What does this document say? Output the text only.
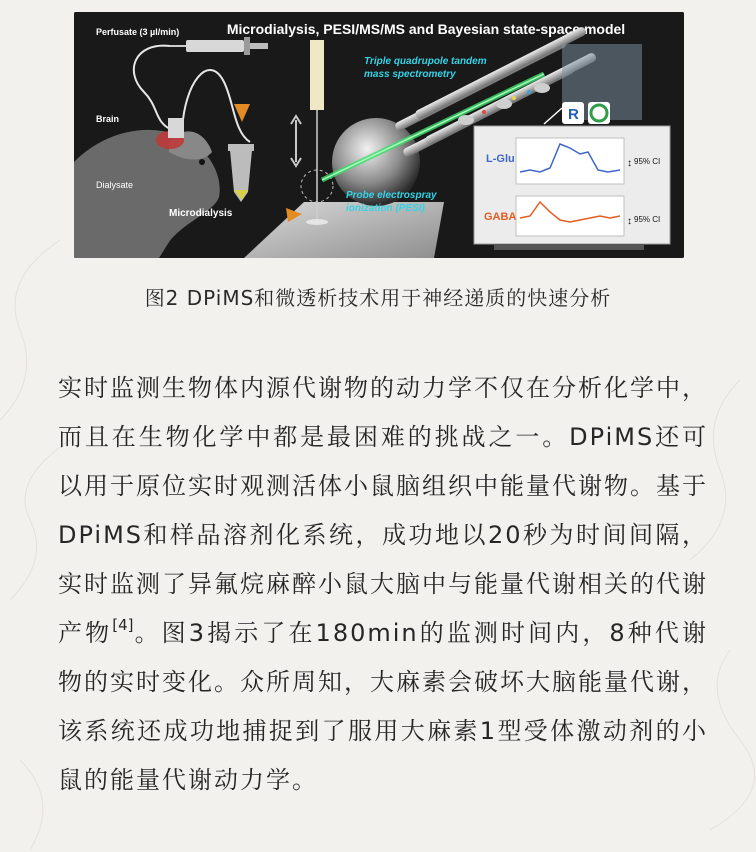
Microdialysis, PESI/MS/MS and Bayesian state-space model
Perfusate (3 µl/min)
Brain
Dialysate
Microdialysis
Triple quadrupole tandem
mass spectrometry
Probe electrospray
ionization (PESI)
L-Glu
GABA
95% CI
95% CI
↕
↕
R
图2 DPiMS和微透析技术用于神经递质的快速分析

实时监测生物体内源代谢物的动力学不仅在分析化学中，而且在生物化学中都是最困难的挑战之一。DPiMS还可以用于原位实时观测活体小鼠脑组织中能量代谢物。基于DPiMS和样品溶剂化系统，成功地以20秒为时间间隔，实时监测了异氟烷麻醉小鼠大脑中与能量代谢相关的代谢产物[4]。图3揭示了在180min的监测时间内，8种代谢物的实时变化。众所周知，大麻素会破坏大脑能量代谢，该系统还成功地捕捉到了服用大麻素1型受体激动剂的小鼠的能量代谢动力学。
